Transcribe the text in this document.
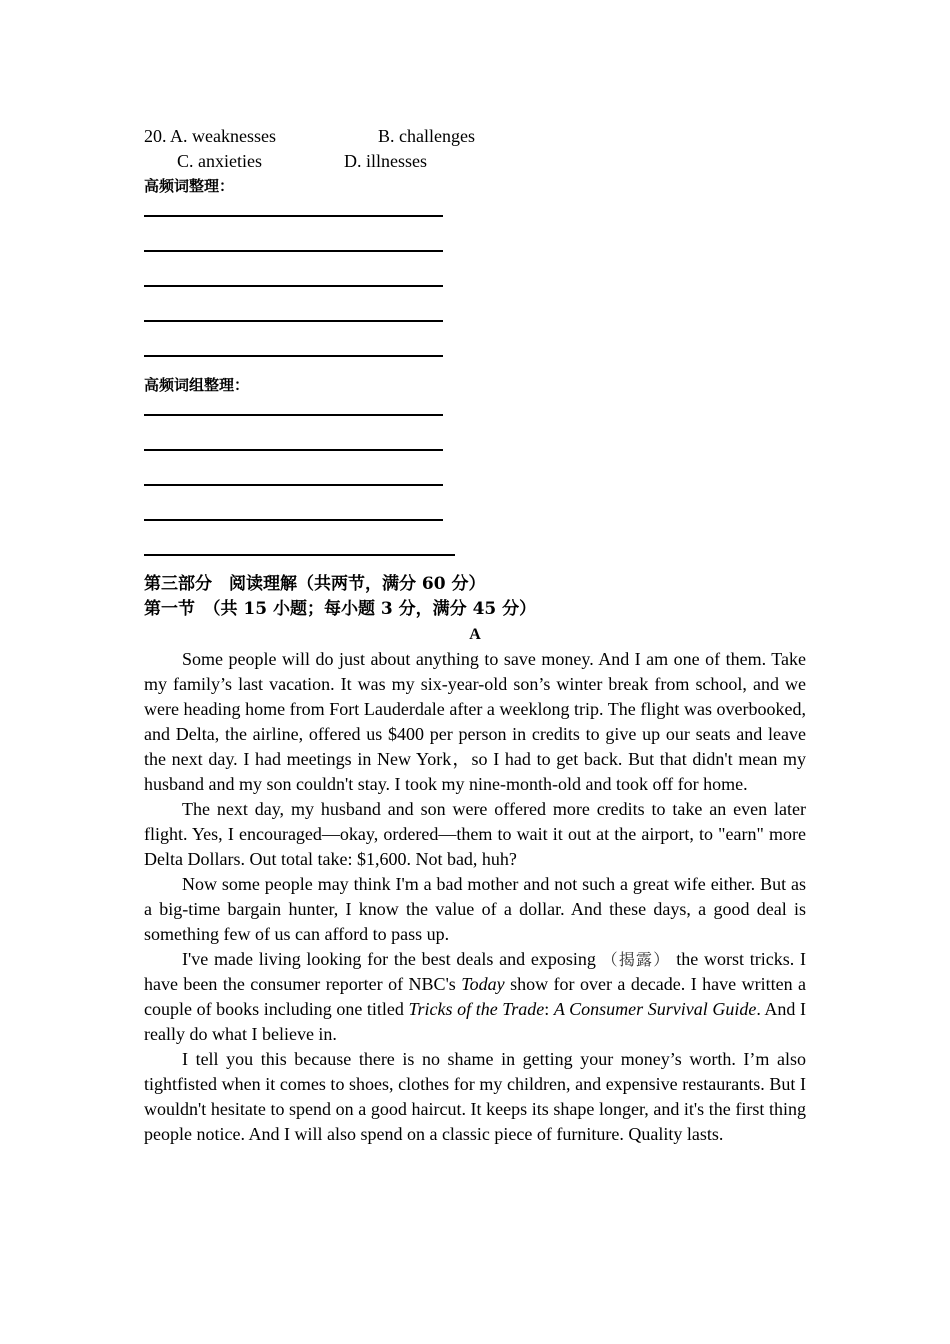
20. A. weaknesses	B. challenges
C. anxieties	D. illnesses
高频词整理：
高频词组整理：
第三部分　阅读理解（共两节，满分 60 分）
第一节　（共 15 小题；每小题 3 分，满分 45 分）
A

Some people will do just about anything to save money. And I am one of them. Take my family’s last vacation. It was my six-year-old son’s winter break from school, and we were heading home from Fort Lauderdale after a weeklong trip. The flight was overbooked, and Delta, the airline, offered us $400 per person in credits to give up our seats and leave the next day. I had meetings in New York，so I had to get back. But that didn't mean my husband and my son couldn't stay. I took my nine-month-old and took off for home.

The next day, my husband and son were offered more credits to take an even later flight. Yes, I encouraged—okay, ordered—them to wait it out at the airport, to "earn" more Delta Dollars. Out total take: $1,600. Not bad, huh?

Now some people may think I'm a bad mother and not such a great wife either. But as a big-time bargain hunter, I know the value of a dollar. And these days, a good deal is something few of us can afford to pass up.

I've made living looking for the best deals and exposing （揭露） the worst tricks. I have been the consumer reporter of NBC's Today show for over a decade. I have written a couple of books including one titled Tricks of the Trade: A Consumer Survival Guide. And I really do what I believe in.

I tell you this because there is no shame in getting your money’s worth. I’m also tightfisted when it comes to shoes, clothes for my children, and expensive restaurants. But I wouldn't hesitate to spend on a good haircut. It keeps its shape longer, and it's the first thing people notice. And I will also spend on a classic piece of furniture. Quality lasts.
